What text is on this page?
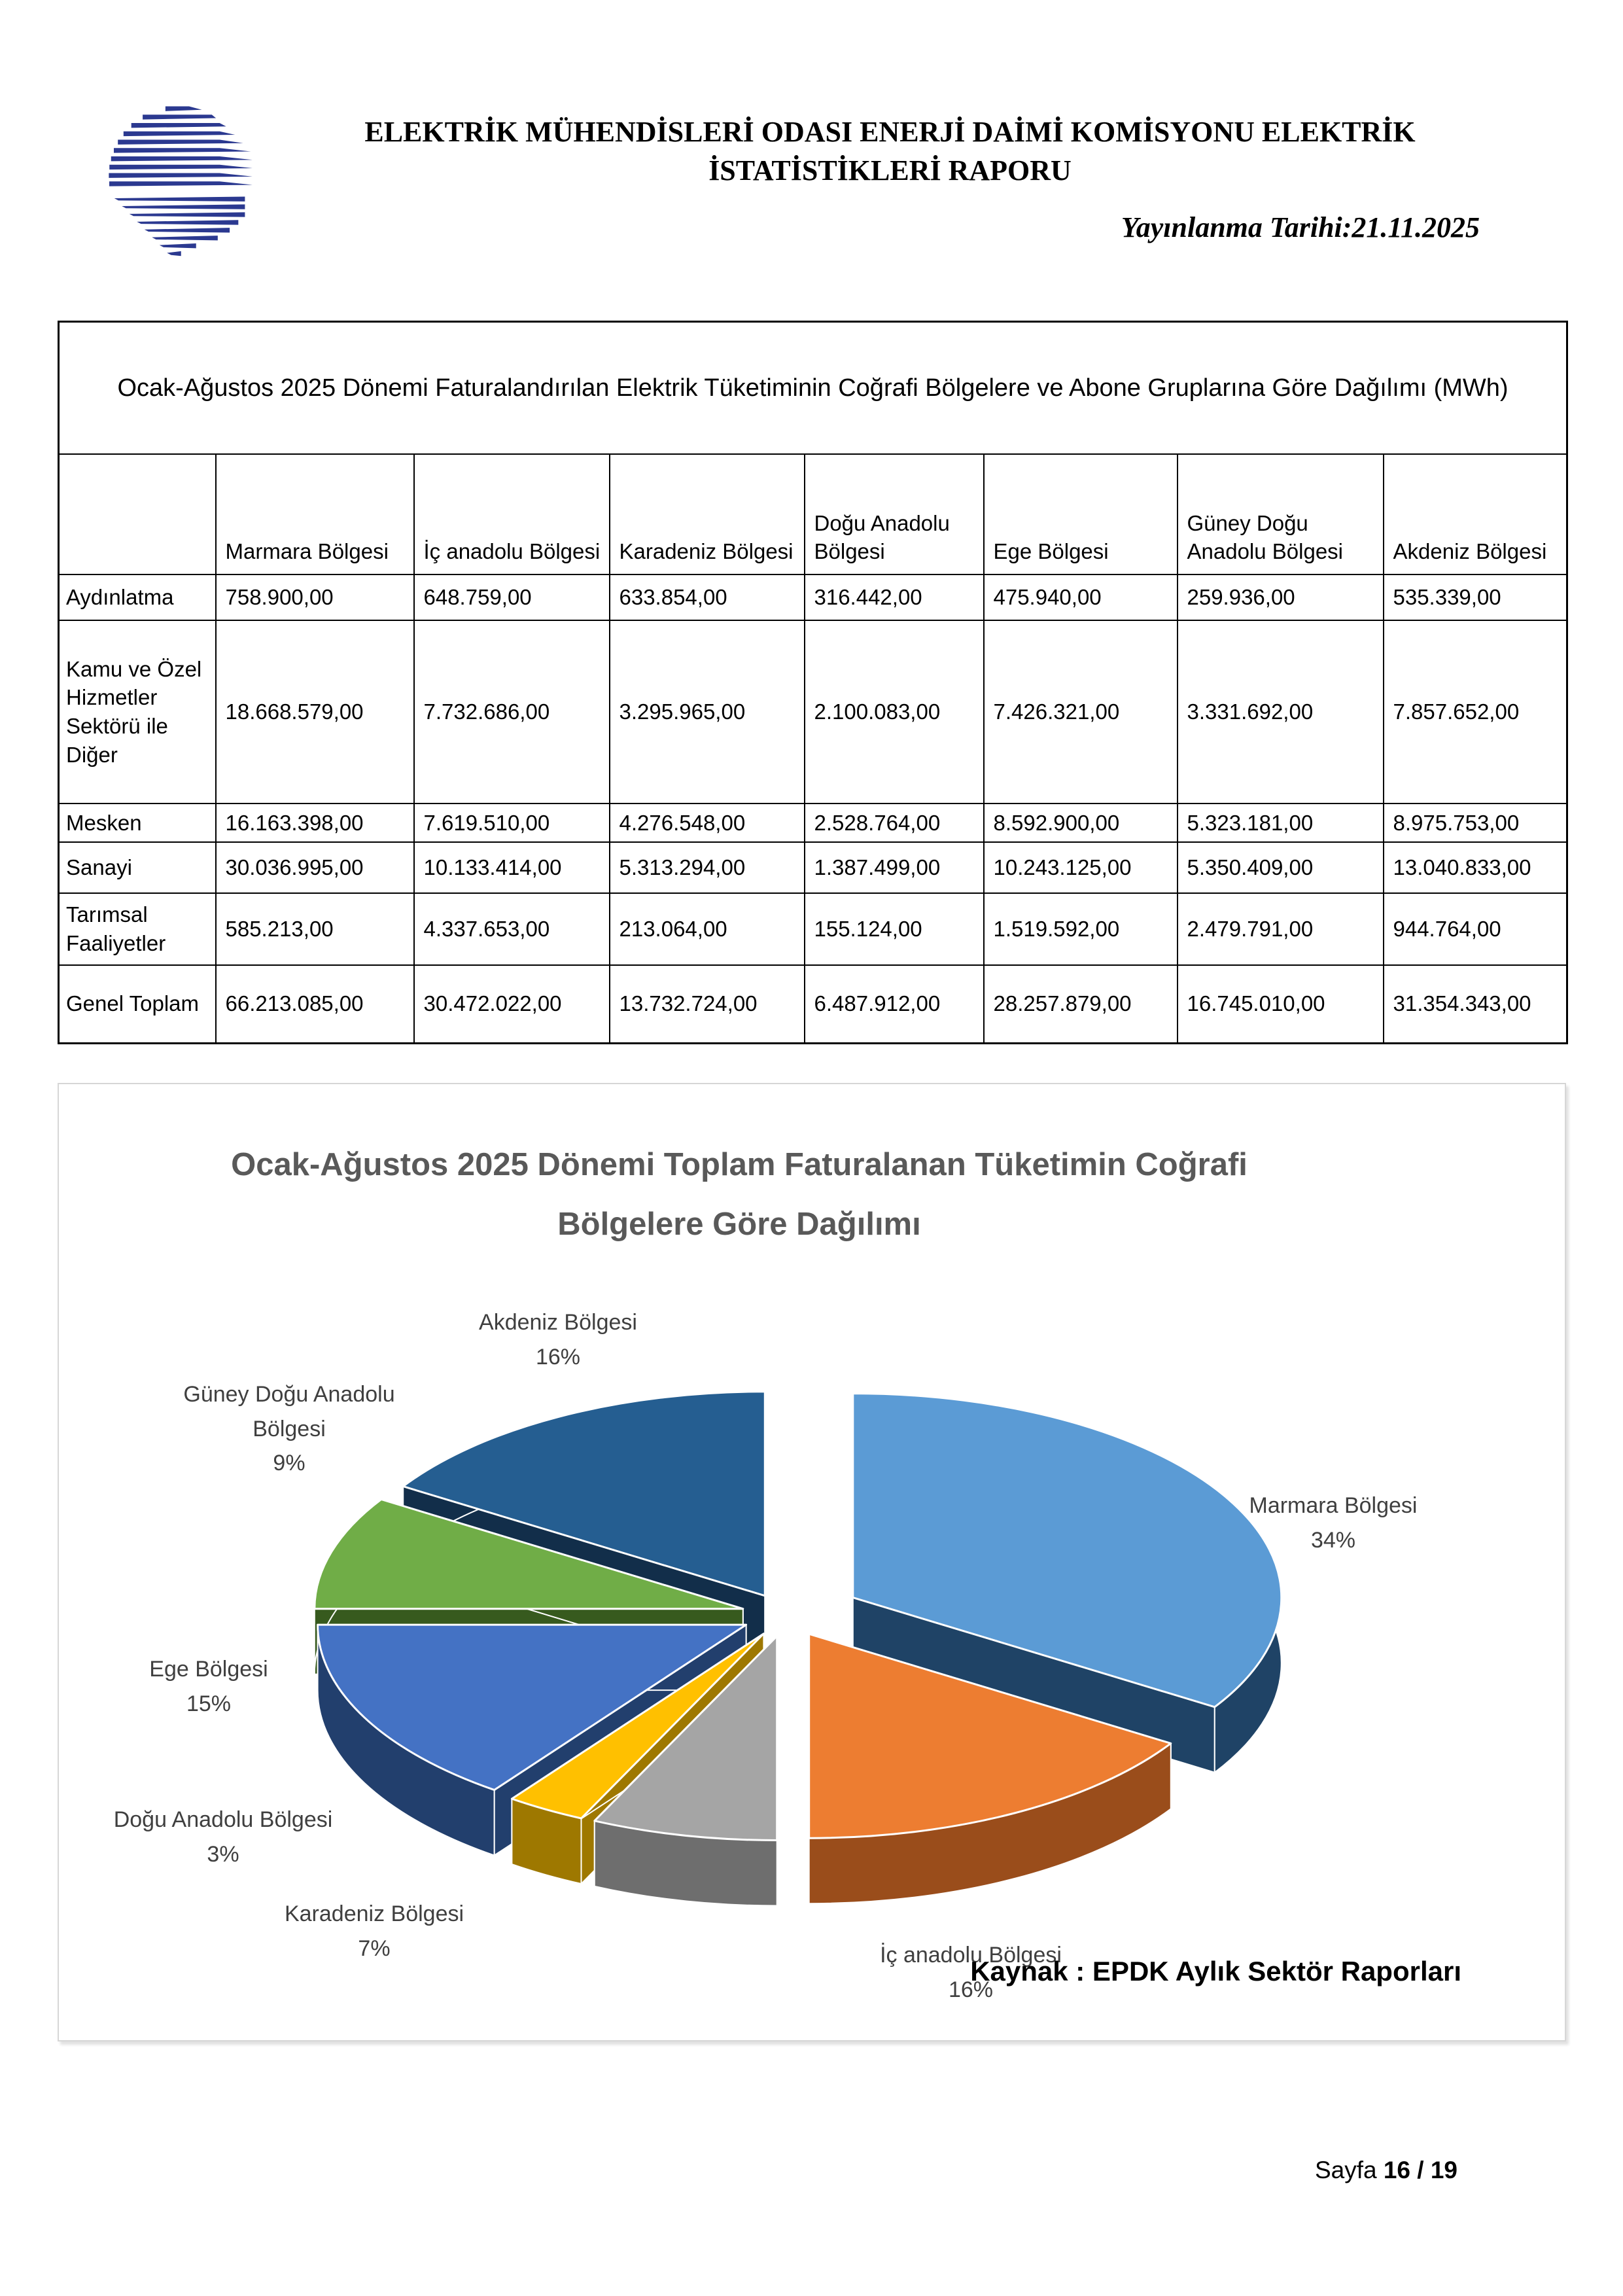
ELEKTRİK MÜHENDİSLERİ ODASI ENERJİ DAİMİ KOMİSYONU ELEKTRİK
İSTATİSTİKLERİ RAPORU
Yayınlanma Tarihi:21.11.2025
Ocak-Ağustos 2025 Dönemi Faturalandırılan Elektrik Tüketiminin Coğrafi Bölgelere ve Abone Gruplarına Göre Dağılımı (MWh)							
	Marmara Bölgesi	İç anadolu Bölgesi	Karadeniz Bölgesi	Doğu Anadolu Bölgesi	Ege Bölgesi	Güney Doğu Anadolu Bölgesi	Akdeniz Bölgesi
Aydınlatma	758.900,00	648.759,00	633.854,00	316.442,00	475.940,00	259.936,00	535.339,00
Kamu ve Özel Hizmetler Sektörü ile Diğer	18.668.579,00	7.732.686,00	3.295.965,00	2.100.083,00	7.426.321,00	3.331.692,00	7.857.652,00
Mesken	16.163.398,00	7.619.510,00	4.276.548,00	2.528.764,00	8.592.900,00	5.323.181,00	8.975.753,00
Sanayi	30.036.995,00	10.133.414,00	5.313.294,00	1.387.499,00	10.243.125,00	5.350.409,00	13.040.833,00
Tarımsal Faaliyetler	585.213,00	4.337.653,00	213.064,00	155.124,00	1.519.592,00	2.479.791,00	944.764,00
Genel Toplam	66.213.085,00	30.472.022,00	13.732.724,00	6.487.912,00	28.257.879,00	16.745.010,00	31.354.343,00
Ocak-Ağustos 2025 Dönemi Toplam Faturalanan Tüketimin Coğrafi
Bölgelere Göre Dağılımı
Marmara Bölgesi
34%
İç anadolu Bölgesi
16%
Karadeniz Bölgesi
7%
Doğu Anadolu Bölgesi
3%
Ege Bölgesi
15%
Güney Doğu Anadolu
Bölgesi
9%
Akdeniz Bölgesi
16%
Kaynak : EPDK Aylık Sektör Raporları
Sayfa 16 / 19
